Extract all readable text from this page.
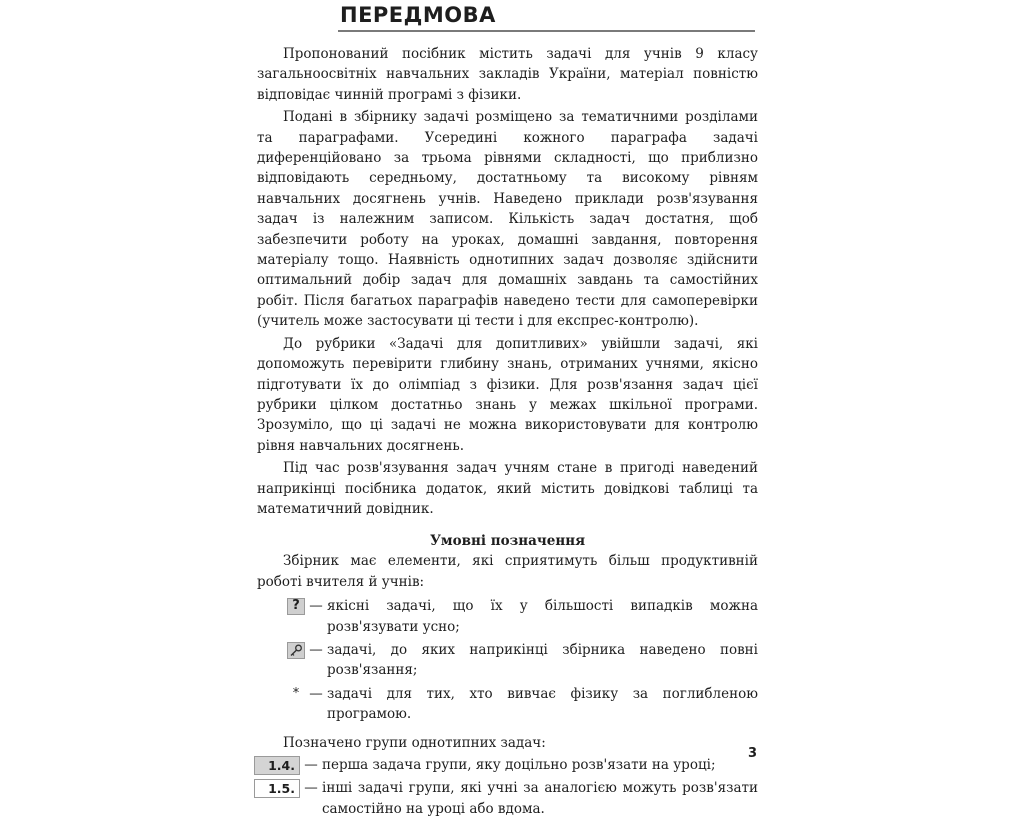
ПЕРЕДМОВА

Пропонований посібник містить задачі для учнів 9 класу загальноосвітніх навчальних закладів України, матеріал повністю відповідає чинній програмі з фізики.

Подані в збірнику задачі розміщено за тематичними розділами та параграфами. Усередині кожного параграфа задачі диференційовано за трьома рівнями складності, що приблизно відповідають середньому, достатньому та високому рівням навчальних досягнень учнів. Наведено приклади розв'язування задач із належним записом. Кількість задач достатня, щоб забезпечити роботу на уроках, домашні завдання, повторення матеріалу тощо. Наявність однотипних задач дозволяє здійснити оптимальний добір задач для домашніх завдань та самостійних робіт. Після багатьох параграфів наведено тести для самоперевірки (учитель може застосувати ці тести і для експрес-контролю).

До рубрики «Задачі для допитливих» увійшли задачі, які допоможуть перевірити глибину знань, отриманих учнями, якісно підготувати їх до олімпіад з фізики. Для розв'язання задач цієї рубрики цілком достатньо знань у межах шкільної програми. Зрозуміло, що ці задачі не можна використовувати для контролю рівня навчальних досягнень.

Під час розв'язування задач учням стане в пригоді наведений наприкінці посібника додаток, який містить довідкові таблиці та математичний довідник.

Умовні позначення

Збірник має елементи, які сприятимуть більш продуктивній роботі вчителя й учнів:

? — якісні задачі, що їх у більшості випадків можна розв'язувати усно;
— задачі, до яких наприкінці збірника наведено повні розв'язання;
* — задачі для тих, хто вивчає фізику за поглибленою програмою.

Позначено групи однотипних задач:

1.4. — перша задача групи, яку доцільно розв'язати на уроці;
1.5. — інші задачі групи, які учні за аналогією можуть розв'язати самостійно на уроці або вдома.
3
